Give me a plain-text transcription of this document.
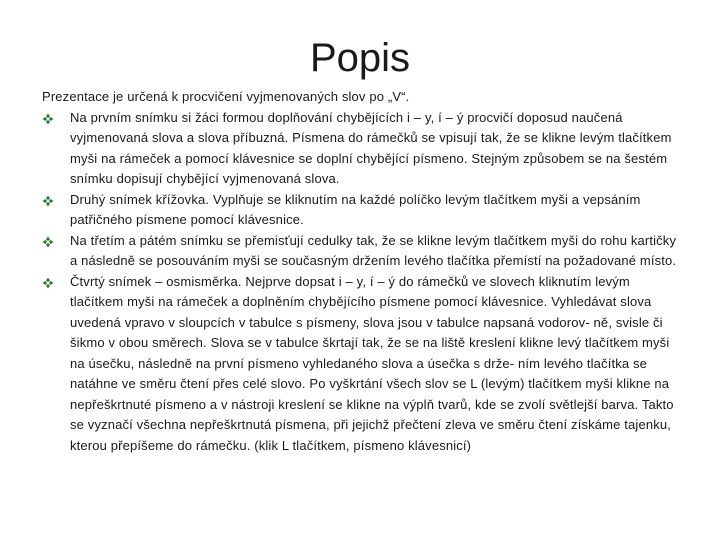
Popis

Prezentace je určená k procvičení vyjmenovaných slov po „V“.

Na prvním snímku si žáci formou doplňování chybějících i – y, í – ý procvičí doposud naučená vyjmenovaná slova a slova příbuzná. Písmena do rámečků se vpisují tak, že se klikne levým tlačítkem myši na rámeček a pomocí klávesnice se doplní chybějící písmeno. Stejným způsobem se na šestém snímku dopisují chybějící vyjmenovaná slova.
Druhý snímek křížovka. Vyplňuje se kliknutím na každé políčko levým tlačítkem myši a vepsáním patřičného písmene pomocí klávesnice.
Na třetím a pátém snímku se přemisťují cedulky tak, že se klikne levým tlačítkem myši do rohu kartičky a následně se posouváním myši se současným držením levého tlačítka přemístí na požadované místo.
Čtvrtý snímek – osmisměrka. Nejprve dopsat i – y, í – ý do rámečků ve slovech kliknutím levým tlačítkem myši na rámeček a doplněním chybějícího písmene pomocí klávesnice. Vyhledávat slova uvedená vpravo v sloupcích v tabulce s písmeny, slova jsou v tabulce napsaná vodorov- ně, svisle či šikmo v obou směrech. Slova se v tabulce škrtají tak, že se na liště kreslení klikne levý tlačítkem myši na úsečku, následně na první písmeno vyhledaného slova a úsečka s drže- ním levého tlačítka se natáhne ve směru čtení přes celé slovo. Po vyškrtání všech slov se L (levým) tlačítkem myši klikne na nepřeškrtnuté písmeno a v nástroji kreslení se klikne na výplň tvarů, kde se zvolí světlejší barva. Takto se vyznačí všechna nepřeškrtnutá písmena, při jejichž přečtení zleva ve směru čtení získáme tajenku, kterou přepíšeme do rámečku. (klik L tlačítkem, písmeno klávesnicí)
